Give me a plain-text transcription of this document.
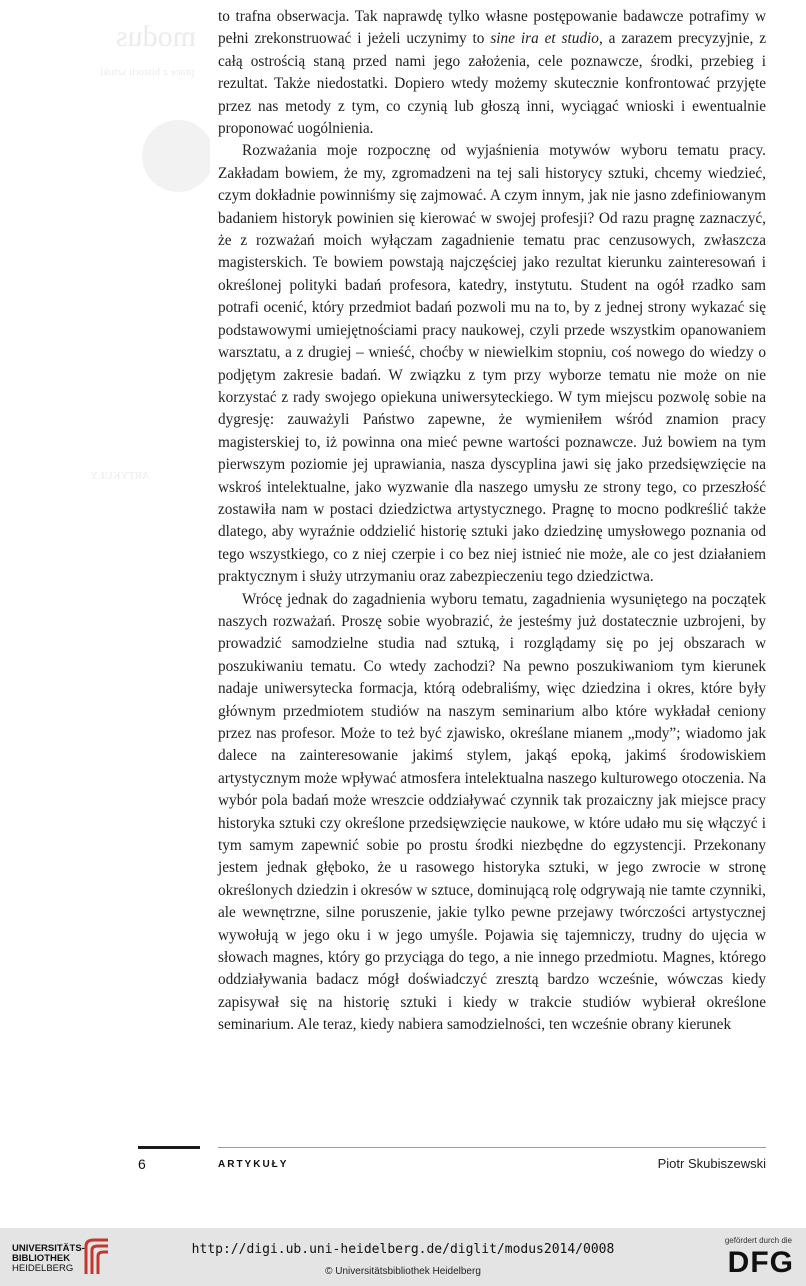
modus
prace z historii sztuki
ARTYKUŁY

to trafna obserwacja. Tak naprawdę tylko własne postępowanie badawcze potrafimy w pełni zrekonstruować i jeżeli uczynimy to sine ira et studio, a zarazem precyzyjnie, z całą ostrością staną przed nami jego założenia, cele poznawcze, środki, przebieg i rezultat. Także niedostatki. Dopiero wtedy możemy skutecznie konfrontować przyjęte przez nas metody z tym, co czynią lub głoszą inni, wyciągać wnioski i ewentualnie proponować uogólnienia.

Rozważania moje rozpocznę od wyjaśnienia motywów wyboru tematu pracy. Zakładam bowiem, że my, zgromadzeni na tej sali historycy sztuki, chcemy wiedzieć, czym dokładnie powinniśmy się zajmować. A czym innym, jak nie jasno zdefiniowanym badaniem historyk powinien się kierować w swojej profesji? Od razu pragnę zaznaczyć, że z rozważań moich wyłączam zagadnienie tematu prac cenzusowych, zwłaszcza magisterskich. Te bowiem powstają najczęściej jako rezultat kierunku zainteresowań i określonej polityki badań profesora, katedry, instytutu. Student na ogół rzadko sam potrafi ocenić, który przedmiot badań pozwoli mu na to, by z jednej strony wykazać się podstawowymi umiejętnościami pracy naukowej, czyli przede wszystkim opanowaniem warsztatu, a z drugiej – wnieść, choćby w niewielkim stopniu, coś nowego do wiedzy o podjętym zakresie badań. W związku z tym przy wyborze tematu nie może on nie korzystać z rady swojego opiekuna uniwersyteckiego. W tym miejscu pozwolę sobie na dygresję: zauważyli Państwo zapewne, że wymieniłem wśród znamion pracy magisterskiej to, iż powinna ona mieć pewne wartości poznawcze. Już bowiem na tym pierwszym poziomie jej uprawiania, nasza dyscyplina jawi się jako przedsięwzięcie na wskroś intelektualne, jako wyzwanie dla naszego umysłu ze strony tego, co przeszłość zostawiła nam w postaci dziedzictwa artystycznego. Pragnę to mocno podkreślić także dlatego, aby wyraźnie oddzielić historię sztuki jako dziedzinę umysłowego poznania od tego wszystkiego, co z niej czerpie i co bez niej istnieć nie może, ale co jest działaniem praktycznym i służy utrzymaniu oraz zabezpieczeniu tego dziedzictwa.

Wrócę jednak do zagadnienia wyboru tematu, zagadnienia wysuniętego na początek naszych rozważań. Proszę sobie wyobrazić, że jesteśmy już dostatecznie uzbrojeni, by prowadzić samodzielne studia nad sztuką, i rozglądamy się po jej obszarach w poszukiwaniu tematu. Co wtedy zachodzi? Na pewno poszukiwaniom tym kierunek nadaje uniwersytecka formacja, którą odebraliśmy, więc dziedzina i okres, które były głównym przedmiotem studiów na naszym seminarium albo które wykładał ceniony przez nas profesor. Może to też być zjawisko, określane mianem „mody”; wiadomo jak dalece na zainteresowanie jakimś stylem, jakąś epoką, jakimś środowiskiem artystycznym może wpływać atmosfera intelektualna naszego kulturowego otoczenia. Na wybór pola badań może wreszcie oddziaływać czynnik tak prozaiczny jak miejsce pracy historyka sztuki czy określone przedsięwzięcie naukowe, w które udało mu się włączyć i tym samym zapewnić sobie po prostu środki niezbędne do egzystencji. Przekonany jestem jednak głęboko, że u rasowego historyka sztuki, w jego zwrocie w stronę określonych dziedzin i okresów w sztuce, dominującą rolę odgrywają nie tamte czynniki, ale wewnętrzne, silne poruszenie, jakie tylko pewne przejawy twórczości artystycznej wywołują w jego oku i w jego umyśle. Pojawia się tajemniczy, trudny do ujęcia w słowach magnes, który go przyciąga do tego, a nie innego przedmiotu. Magnes, którego oddziaływania badacz mógł doświadczyć zresztą bardzo wcześnie, wówczas kiedy zapisywał się na historię sztuki i kiedy w trakcie studiów wybierał określone seminarium. Ale teraz, kiedy nabiera samodzielności, ten wcześnie obrany kierunek

6	ARTYKUŁY	Piotr Skubiszewski
UNIVERSITÄTS-
BIBLIOTHEK
HEIDELBERG
http://digi.ub.uni-heidelberg.de/diglit/modus2014/0008
© Universitätsbibliothek Heidelberg
gefördert durch die
DFG
